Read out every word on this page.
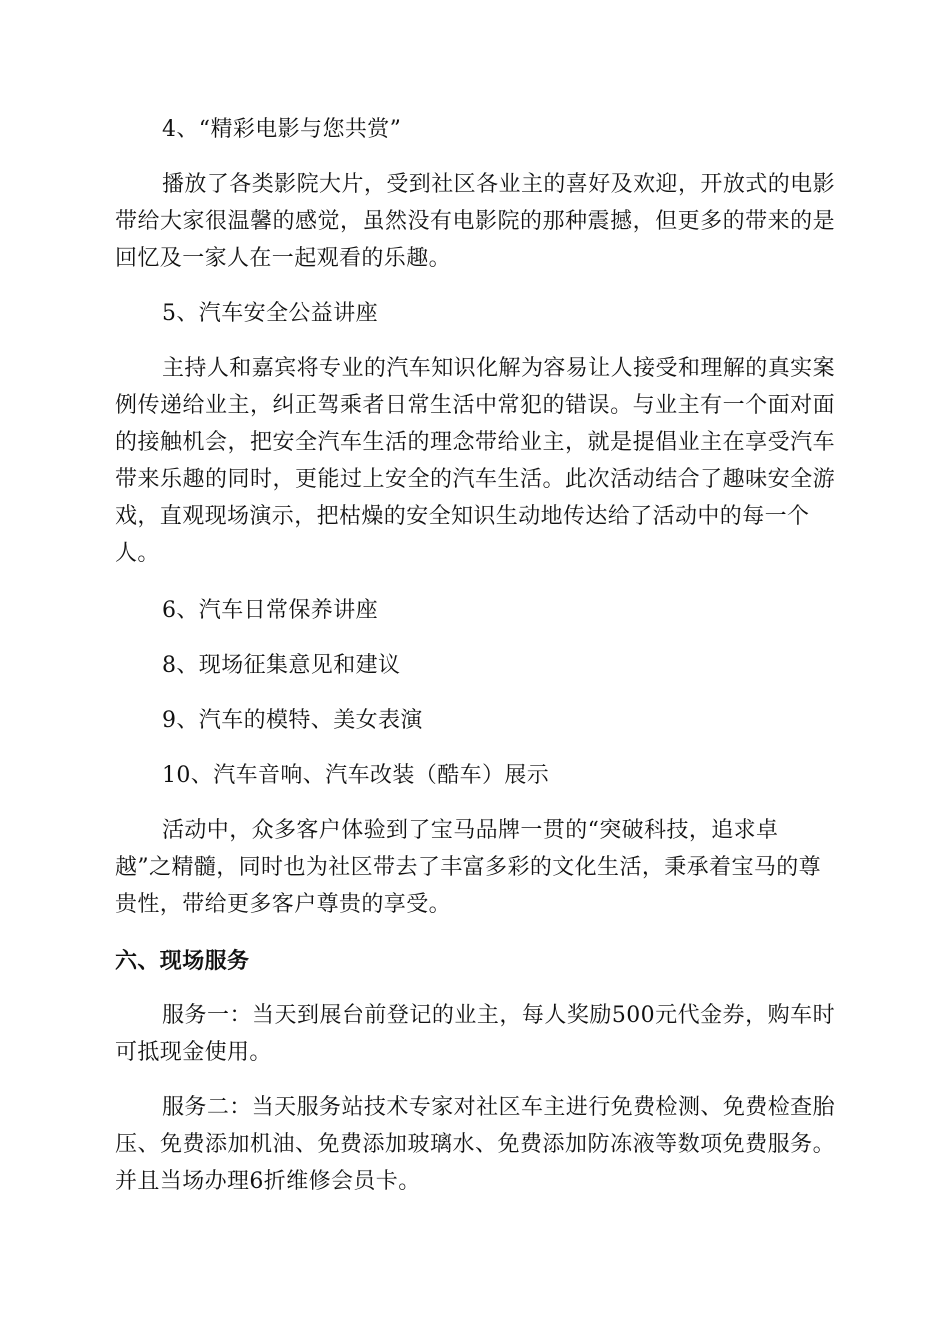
4、“精彩电影与您共赏”
播放了各类影院大片，受到社区各业主的喜好及欢迎，开放式的电影
带给大家很温馨的感觉，虽然没有电影院的那种震撼，但更多的带来的是
回忆及一家人在一起观看的乐趣。
5、汽车安全公益讲座
主持人和嘉宾将专业的汽车知识化解为容易让人接受和理解的真实案
例传递给业主，纠正驾乘者日常生活中常犯的错误。与业主有一个面对面
的接触机会，把安全汽车生活的理念带给业主，就是提倡业主在享受汽车
带来乐趣的同时，更能过上安全的汽车生活。此次活动结合了趣味安全游
戏，直观现场演示，把枯燥的安全知识生动地传达给了活动中的每一个
人。
6、汽车日常保养讲座
8、现场征集意见和建议
9、汽车的模特、美女表演
10、汽车音响、汽车改装（酷车）展示
活动中，众多客户体验到了宝马品牌一贯的“突破科技，追求卓
越”之精髓，同时也为社区带去了丰富多彩的文化生活，秉承着宝马的尊
贵性，带给更多客户尊贵的享受。
六、现场服务
服务一：当天到展台前登记的业主，每人奖励500元代金券，购车时
可抵现金使用。
服务二：当天服务站技术专家对社区车主进行免费检测、免费检查胎
压、免费添加机油、免费添加玻璃水、免费添加防冻液等数项免费服务。
并且当场办理6折维修会员卡。
